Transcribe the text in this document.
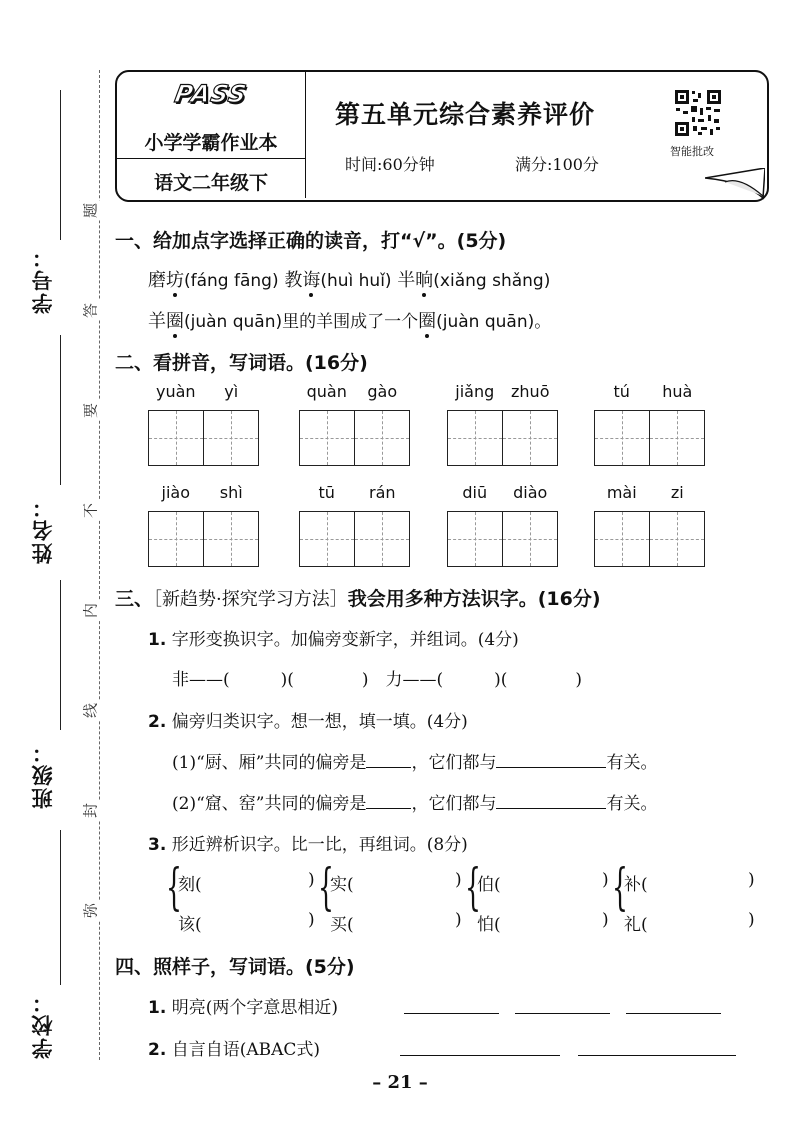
学号：
姓名：
班级：
学校：
题
答
要
不
内
线
封
弥
PASS
小学学霸作业本
语文二年级下
第五单元综合素养评价
时间:60分钟	满分:100分
智能批改
一、给加点字选择正确的读音，打“√”。(5分)
磨坊(fáng fāng) 教诲(huì huǐ) 半晌(xiǎng shǎng)
羊圈(juàn quān)里的羊围成了一个圈(juàn quān)。
二、看拼音，写词语。(16分)
yuàn	yì	quàn	gào	jiǎng	zhuō	tú	huà
jiào	shì	tū	rán	diū	diào	mài	zi
三、［新趋势·探究学习方法］我会用多种方法识字。(16分)
1. 字形变换识字。加偏旁变新字，并组词。(4分)
非——(　　　)(　　　　)　力——(　　　)(　　　　)
2. 偏旁归类识字。想一想，填一填。(4分)
(1)“厨、厢”共同的偏旁是	，它们都与	有关。
(2)“窟、窑”共同的偏旁是	，它们都与	有关。
3. 形近辨析识字。比一比，再组词。(8分)
{
刻(	)
该(	)
{
实(	)
买(	)
{
伯(	)
怕(	)
{
补(	)
礼(	)
四、照样子，写词语。(5分)
1. 明亮(两个字意思相近)
2. 自言自语(ABAC式)
– 21 –
